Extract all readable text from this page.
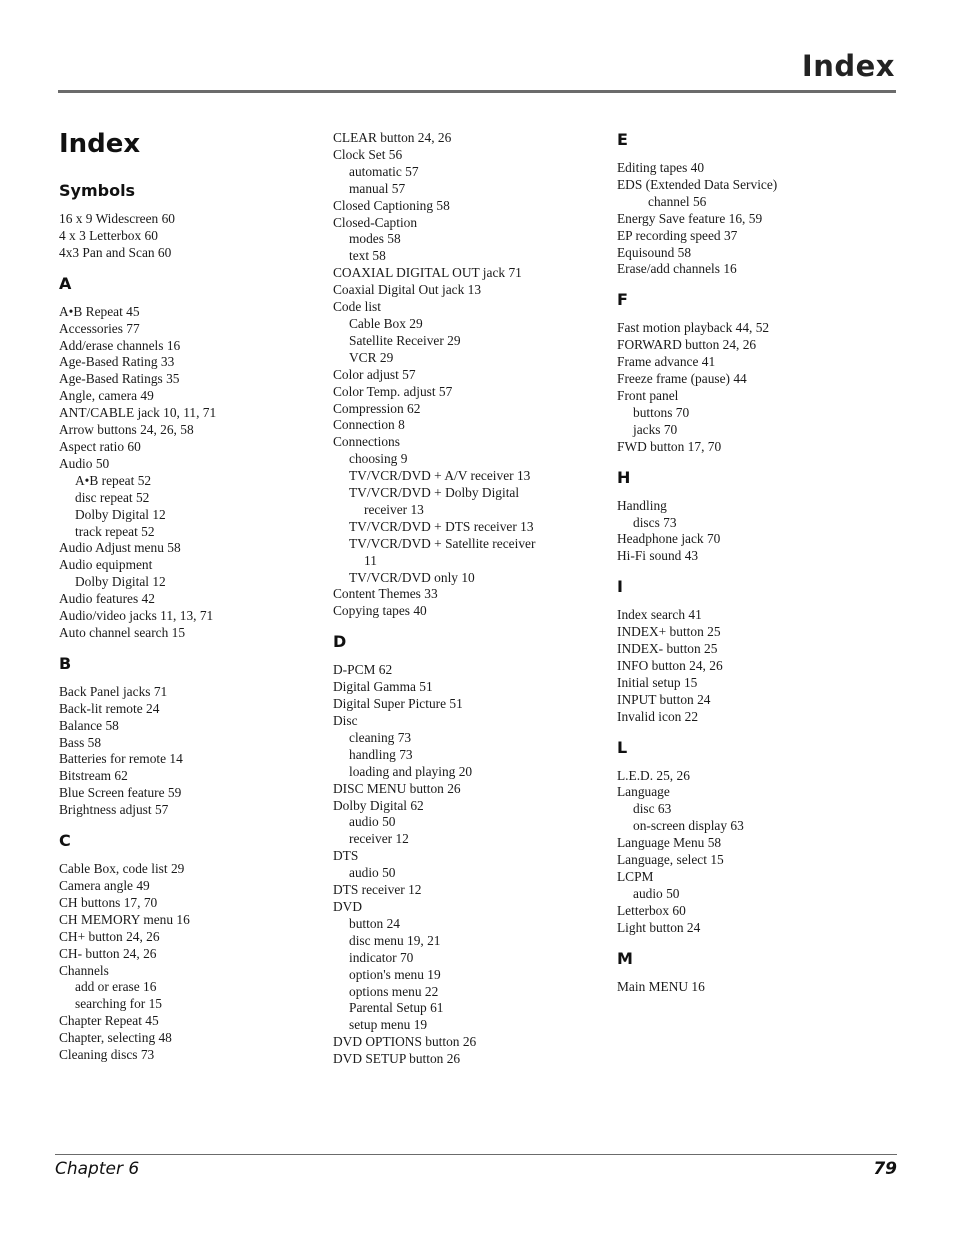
Index
Index
Symbols
16 x 9 Widescreen 60
4 x 3 Letterbox 60
4x3 Pan and Scan 60
A
A•B Repeat 45
Accessories 77
Add/erase channels 16
Age-Based Rating 33
Age-Based Ratings 35
Angle, camera 49
ANT/CABLE jack 10, 11, 71
Arrow buttons 24, 26, 58
Aspect ratio 60
Audio 50
A•B repeat 52
disc repeat 52
Dolby Digital 12
track repeat 52
Audio Adjust menu 58
Audio equipment
Dolby Digital 12
Audio features 42
Audio/video jacks 11, 13, 71
Auto channel search 15
B
Back Panel jacks 71
Back-lit remote 24
Balance 58
Bass 58
Batteries for remote 14
Bitstream 62
Blue Screen feature 59
Brightness adjust 57
C
Cable Box, code list 29
Camera angle 49
CH buttons 17, 70
CH MEMORY menu 16
CH+ button 24, 26
CH- button 24, 26
Channels
add or erase 16
searching for 15
Chapter Repeat 45
Chapter, selecting 48
Cleaning discs 73
CLEAR button 24, 26
Clock Set 56
automatic 57
manual 57
Closed Captioning 58
Closed-Caption
modes 58
text 58
COAXIAL DIGITAL OUT jack 71
Coaxial Digital Out jack 13
Code list
Cable Box 29
Satellite Receiver 29
VCR 29
Color adjust 57
Color Temp. adjust 57
Compression 62
Connection 8
Connections
choosing 9
TV/VCR/DVD + A/V receiver 13
TV/VCR/DVD + Dolby Digital
receiver 13
TV/VCR/DVD + DTS receiver 13
TV/VCR/DVD + Satellite receiver
11
TV/VCR/DVD only 10
Content Themes 33
Copying tapes 40
D
D-PCM 62
Digital Gamma 51
Digital Super Picture 51
Disc
cleaning 73
handling 73
loading and playing 20
DISC MENU button 26
Dolby Digital 62
audio 50
receiver 12
DTS
audio 50
DTS receiver 12
DVD
button 24
disc menu 19, 21
indicator 70
option's menu 19
options menu 22
Parental Setup 61
setup menu 19
DVD OPTIONS button 26
DVD SETUP button 26
E
Editing tapes 40
EDS (Extended Data Service)
channel 56
Energy Save feature 16, 59
EP recording speed 37
Equisound 58
Erase/add channels 16
F
Fast motion playback 44, 52
FORWARD button 24, 26
Frame advance 41
Freeze frame (pause) 44
Front panel
buttons 70
jacks 70
FWD button 17, 70
H
Handling
discs 73
Headphone jack 70
Hi-Fi sound 43
I
Index search 41
INDEX+ button 25
INDEX- button 25
INFO button 24, 26
Initial setup 15
INPUT button 24
Invalid icon 22
L
L.E.D. 25, 26
Language
disc 63
on-screen display 63
Language Menu 58
Language, select 15
LCPM
audio 50
Letterbox 60
Light button 24
M
Main MENU 16
Chapter 6	79
